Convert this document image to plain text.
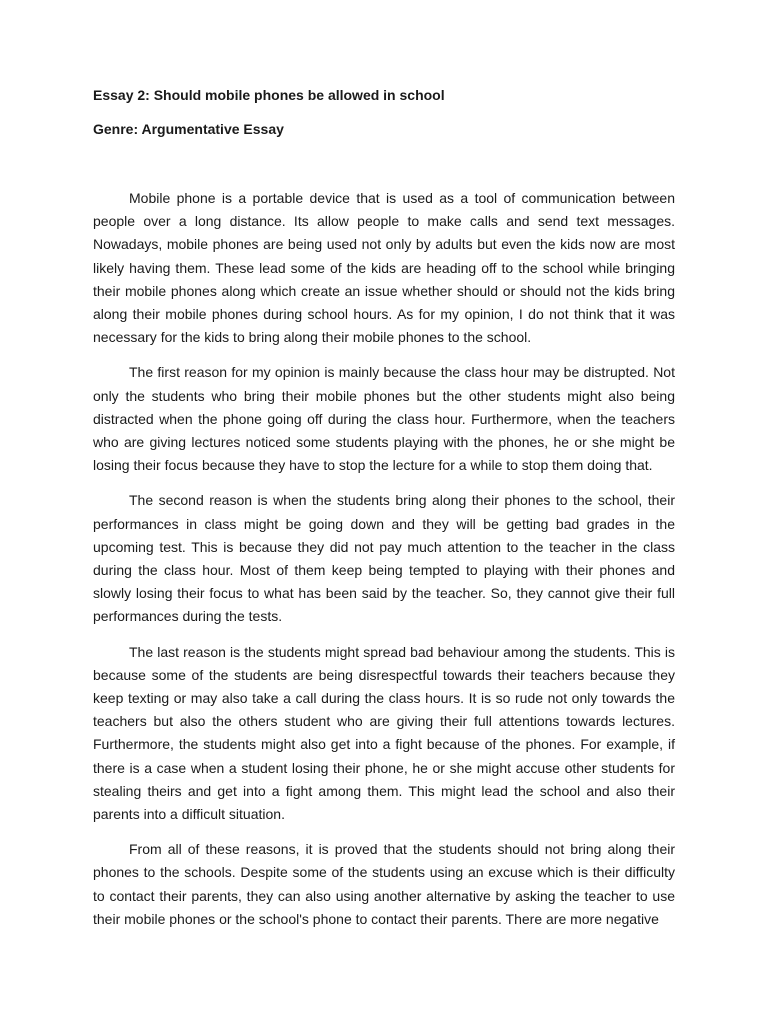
Essay 2: Should mobile phones be allowed in school
Genre: Argumentative Essay

Mobile phone is a portable device that is used as a tool of communication between people over a long distance. Its allow people to make calls and send text messages. Nowadays, mobile phones are being used not only by adults but even the kids now are most likely having them. These lead some of the kids are heading off to the school while bringing their mobile phones along which create an issue whether should or should not the kids bring along their mobile phones during school hours. As for my opinion, I do not think that it was necessary for the kids to bring along their mobile phones to the school.

The first reason for my opinion is mainly because the class hour may be distrupted. Not only the students who bring their mobile phones but the other students might also being distracted when the phone going off during the class hour. Furthermore, when the teachers who are giving lectures noticed some students playing with the phones, he or she might be losing their focus because they have to stop the lecture for a while to stop them doing that.

The second reason is when the students bring along their phones to the school, their performances in class might be going down and they will be getting bad grades in the upcoming test. This is because they did not pay much attention to the teacher in the class during the class hour. Most of them keep being tempted to playing with their phones and slowly losing their focus to what has been said by the teacher. So, they cannot give their full performances during the tests.

The last reason is the students might spread bad behaviour among the students. This is because some of the students are being disrespectful towards their teachers because they keep texting or may also take a call during the class hours. It is so rude not only towards the teachers but also the others student who are giving their full attentions towards lectures. Furthermore, the students might also get into a fight because of the phones. For example, if there is a case when a student losing their phone, he or she might accuse other students for stealing theirs and get into a fight among them. This might lead the school and also their parents into a difficult situation.

From all of these reasons, it is proved that the students should not bring along their phones to the schools. Despite some of the students using an excuse which is their difficulty to contact their parents, they can also using another alternative by asking the teacher to use their mobile phones or the school's phone to contact their parents. There are more negative
